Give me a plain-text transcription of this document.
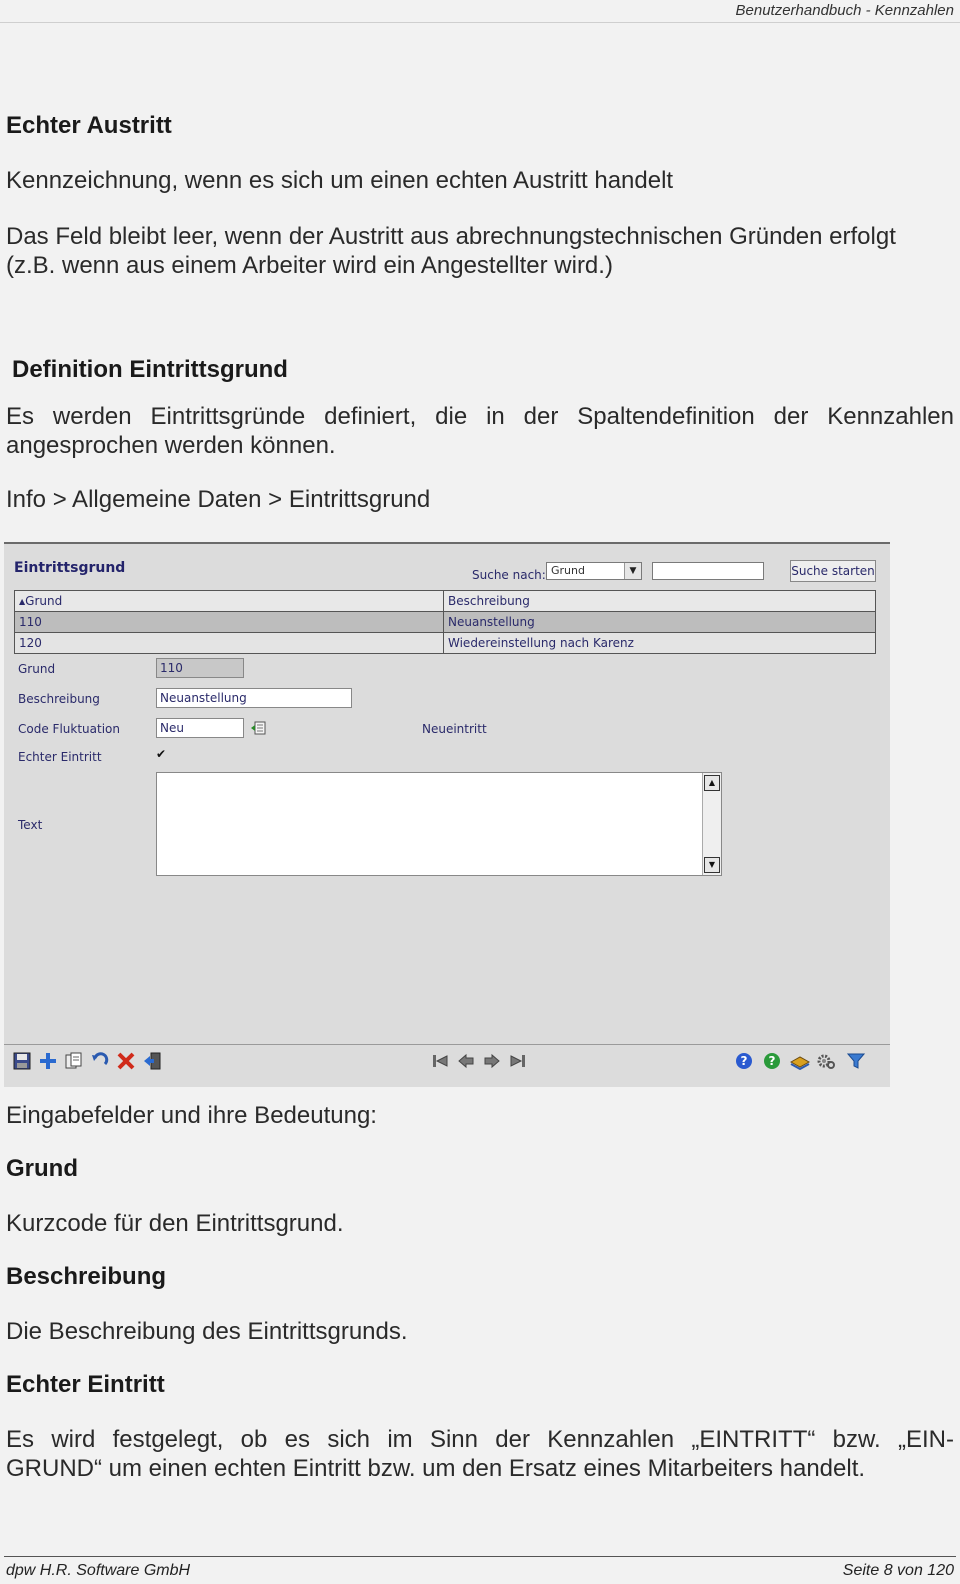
Benutzerhandbuch - Kennzahlen
Echter Austritt
Kennzeichnung, wenn es sich um einen echten Austritt handelt
Das Feld bleibt leer, wenn der Austritt aus abrechnungstechnischen Gründen erfolgt
(z.B. wenn aus einem Arbeiter wird ein Angestellter wird.)
Definition Eintrittsgrund
Es werden Eintrittsgründe definiert, die in der Spaltendefinition der Kennzahlen
angesprochen werden können.
Info > Allgemeine Daten > Eintrittsgrund
Eintrittsgrund	Suche nach: Grund	▼	Suche starten
▲Grund	Beschreibung
110	Neuanstellung
120	Wiedereinstellung nach Karenz
Grund	110
Beschreibung	Neuanstellung
Code Fluktuation	Neu	Neueintritt
Echter Eintritt	✔
Text
▲
▼
? ?
Eingabefelder und ihre Bedeutung:
Grund
Kurzcode für den Eintrittsgrund.
Beschreibung
Die Beschreibung des Eintrittsgrunds.
Echter Eintritt
Es wird festgelegt, ob es sich im Sinn der Kennzahlen „EINTRITT“ bzw. „EIN-
GRUND“ um einen echten Eintritt bzw. um den Ersatz eines Mitarbeiters handelt.
dpw H.R. Software GmbH	Seite 8 von 120
